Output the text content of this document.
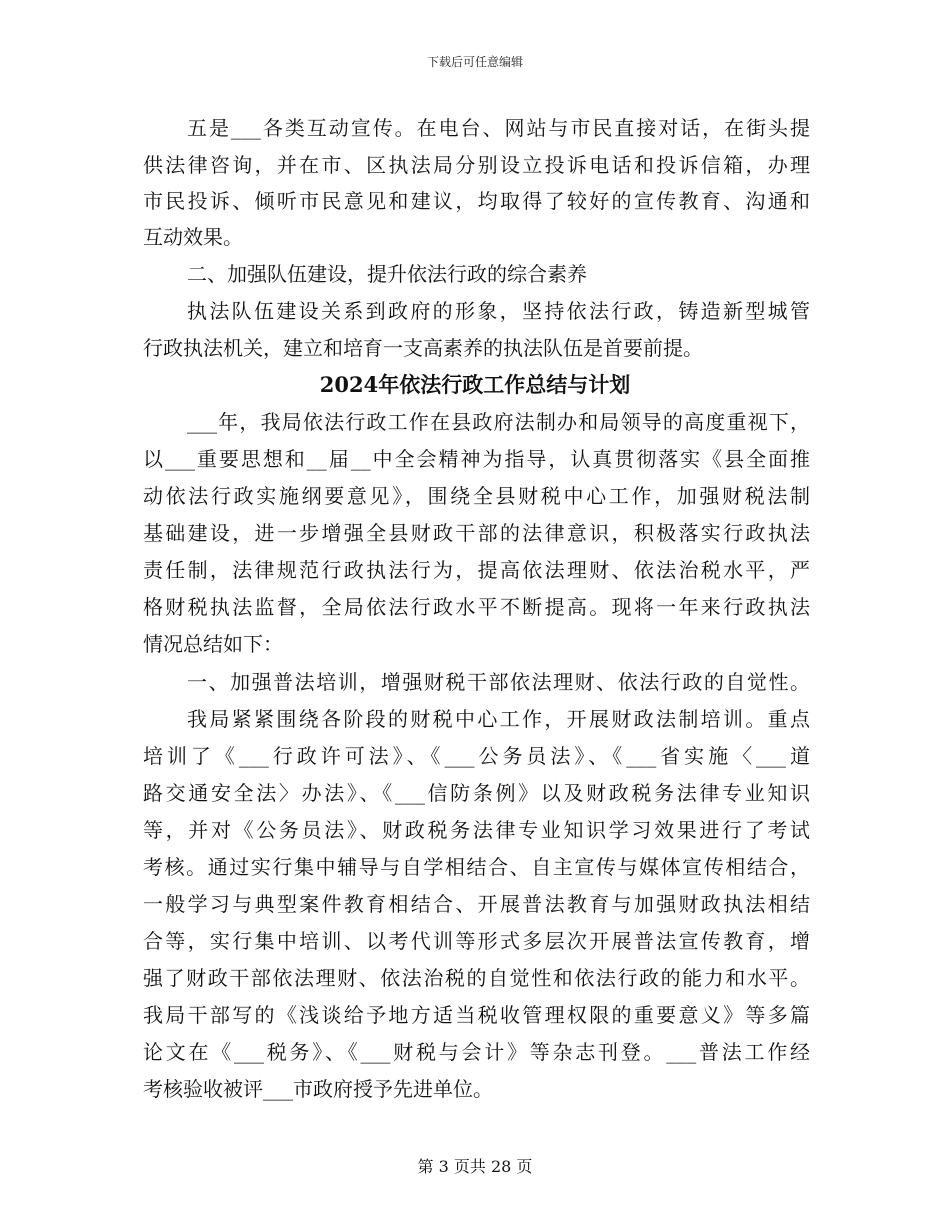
下载后可任意编辑
五是___各类互动宣传。在电台、网站与市民直接对话，在街头提
供法律咨询，并在市、区执法局分别设立投诉电话和投诉信箱，办理
市民投诉、倾听市民意见和建议，均取得了较好的宣传教育、沟通和
互动效果。
二、加强队伍建设，提升依法行政的综合素养
执法队伍建设关系到政府的形象，坚持依法行政，铸造新型城管
行政执法机关，建立和培育一支高素养的执法队伍是首要前提。
2024年依法行政工作总结与计划
___年，我局依法行政工作在县政府法制办和局领导的高度重视下，
以___重要思想和__届__中全会精神为指导，认真贯彻落实《县全面推
动依法行政实施纲要意见》，围绕全县财税中心工作，加强财税法制
基础建设，进一步增强全县财政干部的法律意识，积极落实行政执法
责任制，法律规范行政执法行为，提高依法理财、依法治税水平，严
格财税执法监督，全局依法行政水平不断提高。现将一年来行政执法
情况总结如下：
一、加强普法培训，增强财税干部依法理财、依法行政的自觉性。
我局紧紧围绕各阶段的财税中心工作，开展财政法制培训。重点
培训了《___行政许可法》、《___公务员法》、《___省实施〈___道
路交通安全法〉办法》、《___信防条例》以及财政税务法律专业知识
等，并对《公务员法》、财政税务法律专业知识学习效果进行了考试
考核。通过实行集中辅导与自学相结合、自主宣传与媒体宣传相结合，
一般学习与典型案件教育相结合、开展普法教育与加强财政执法相结
合等，实行集中培训、以考代训等形式多层次开展普法宣传教育，增
强了财政干部依法理财、依法治税的自觉性和依法行政的能力和水平。
我局干部写的《浅谈给予地方适当税收管理权限的重要意义》等多篇
论文在《___税务》、《___财税与会计》等杂志刊登。___普法工作经
考核验收被评___市政府授予先进单位。
第 3 页共 28 页
